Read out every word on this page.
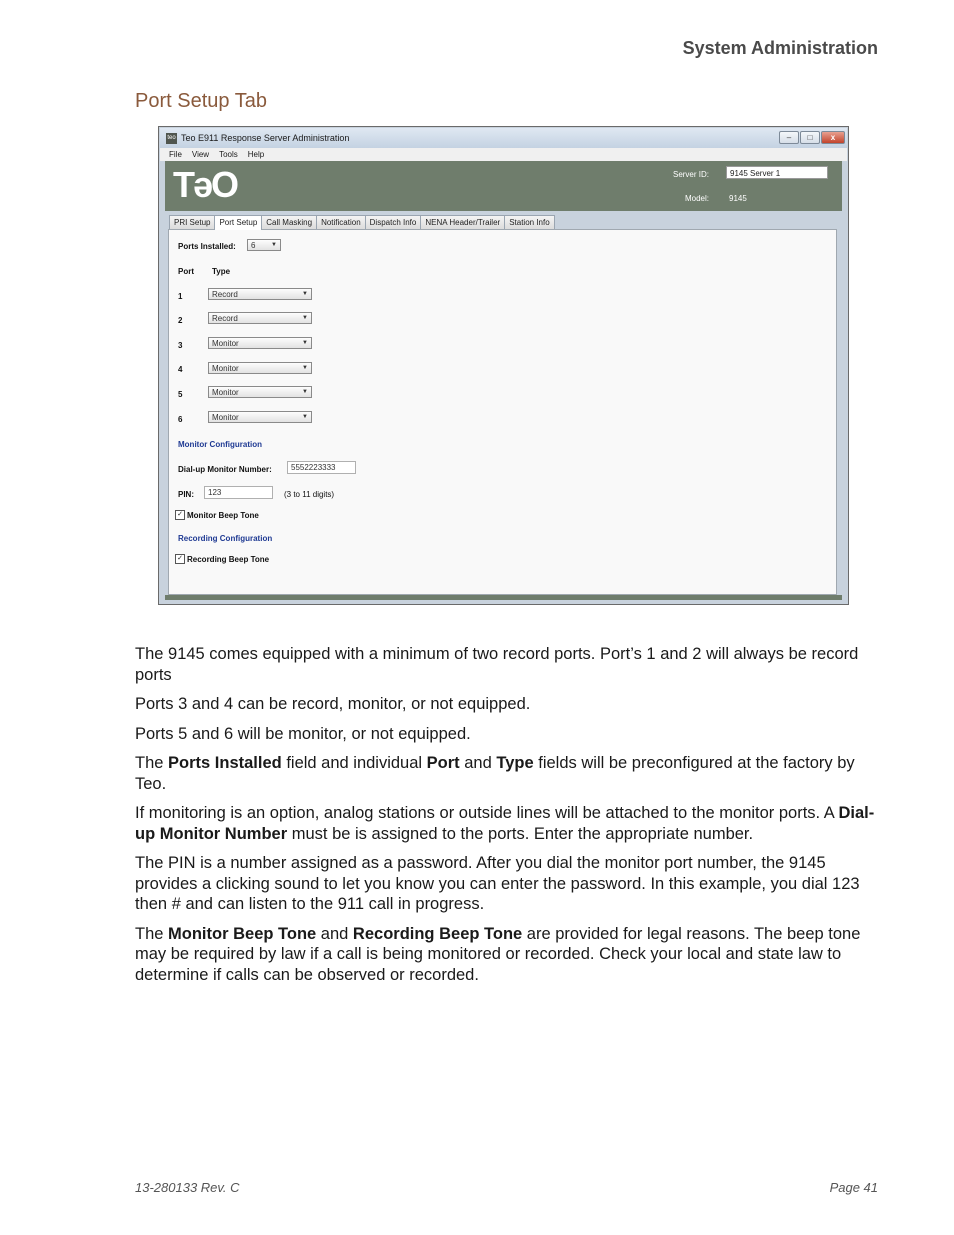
System Administration
Port Setup Tab
teo Teo E911 Response Server Administration	–	□	x
File View Tools Help
TəO	Server ID:	9145 Server 1
Model:	9145
PRI Setup	Port Setup	Call Masking	Notification	Dispatch Info	NENA Header/Trailer	Station Info
Ports Installed:	6	▼
Port Type
1	Record	▼
2	Record	▼
3	Monitor	▼
4	Monitor	▼
5	Monitor	▼
6	Monitor	▼
Monitor Configuration
Dial-up Monitor Number:	5552223333
PIN:	123	(3 to 11 digits)
✓ Monitor Beep Tone
Recording Configuration
✓ Recording Beep Tone

The 9145 comes equipped with a minimum of two record ports. Port’s 1 and 2 will always be record ports

Ports 3 and 4 can be record, monitor, or not equipped.

Ports 5 and 6 will be monitor, or not equipped.

The Ports Installed field and individual Port and Type fields will be preconfigured at the factory by Teo.

If monitoring is an option, analog stations or outside lines will be attached to the monitor ports. A Dial-up Monitor Number must be is assigned to the ports. Enter the appropriate number.

The PIN is a number assigned as a password. After you dial the monitor port number, the 9145 provides a clicking sound to let you know you can enter the password. In this example, you dial 123 then # and can listen to the 911 call in progress.

The Monitor Beep Tone and Recording Beep Tone are provided for legal reasons. The beep tone may be required by law if a call is being monitored or recorded. Check your local and state law to determine if calls can be observed or recorded.

13-280133 Rev. C	Page 41
